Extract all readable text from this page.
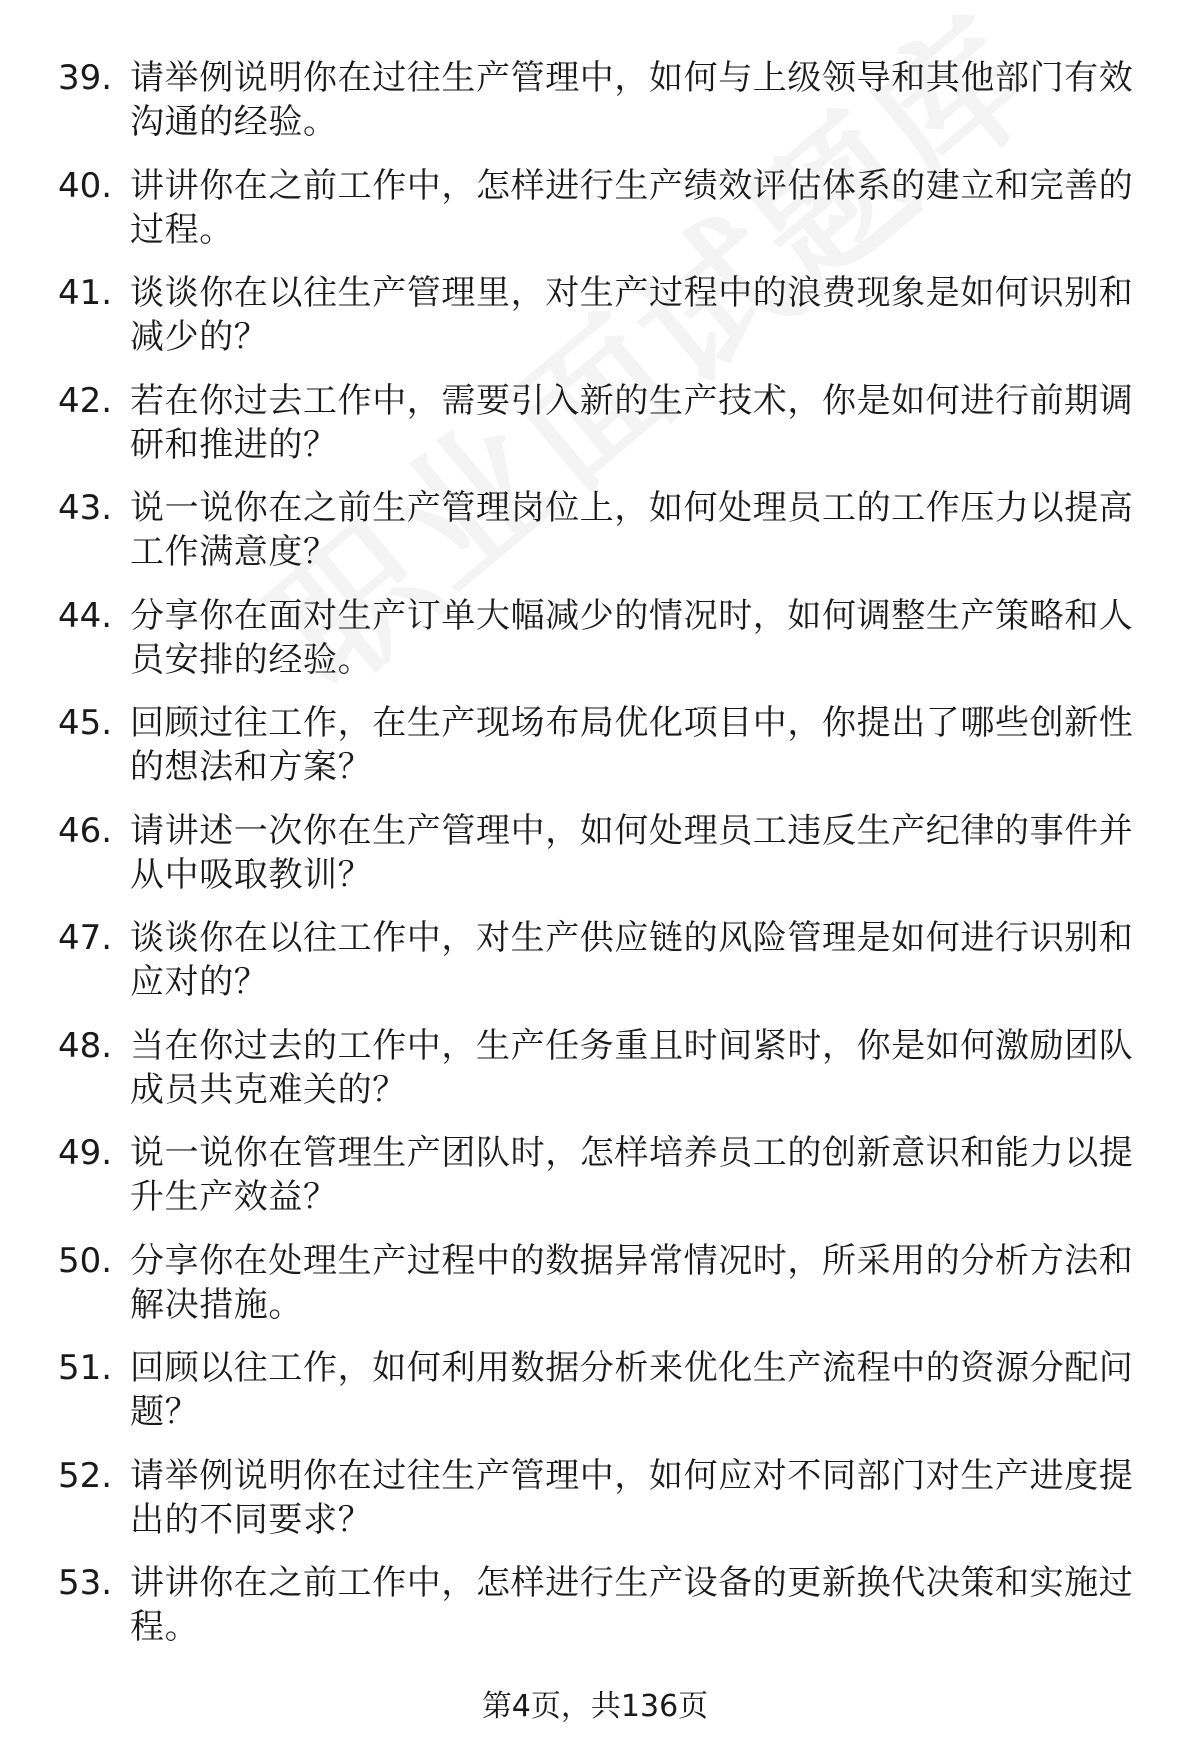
39. 请举例说明你在过往生产管理中，如何与上级领导和其他部门有效沟通的经验。
40. 讲讲你在之前工作中，怎样进行生产绩效评估体系的建立和完善的过程。
41. 谈谈你在以往生产管理里，对生产过程中的浪费现象是如何识别和减少的？
42. 若在你过去工作中，需要引入新的生产技术，你是如何进行前期调研和推进的？
43. 说一说你在之前生产管理岗位上，如何处理员工的工作压力以提高工作满意度？
44. 分享你在面对生产订单大幅减少的情况时，如何调整生产策略和人员安排的经验。
45. 回顾过往工作，在生产现场布局优化项目中，你提出了哪些创新性的想法和方案？
46. 请讲述一次你在生产管理中，如何处理员工违反生产纪律的事件并从中吸取教训？
47. 谈谈你在以往工作中，对生产供应链的风险管理是如何进行识别和应对的？
48. 当在你过去的工作中，生产任务重且时间紧时，你是如何激励团队成员共克难关的？
49. 说一说你在管理生产团队时，怎样培养员工的创新意识和能力以提升生产效益？
50. 分享你在处理生产过程中的数据异常情况时，所采用的分析方法和解决措施。
51. 回顾以往工作，如何利用数据分析来优化生产流程中的资源分配问题？
52. 请举例说明你在过往生产管理中，如何应对不同部门对生产进度提出的不同要求？
53. 讲讲你在之前工作中，怎样进行生产设备的更新换代决策和实施过程。
第4页，共136页
